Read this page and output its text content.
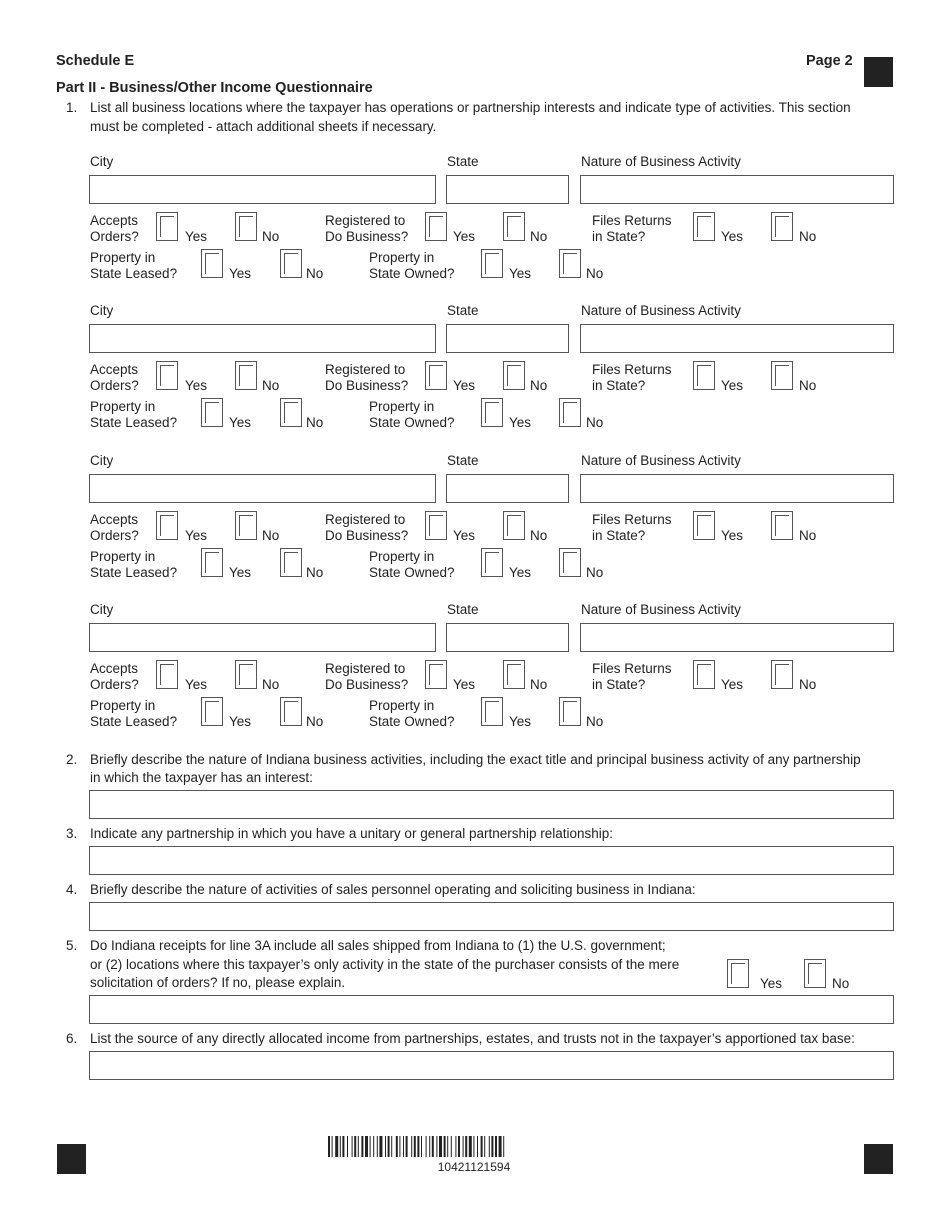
Schedule E	Page 2
Part II - Business/Other Income Questionnaire
1. List all business locations where the taxpayer has operations or partnership interests and indicate type of activities. This section
must be completed - attach additional sheets if necessary.
City	State	Nature of Business Activity
Accepts
Orders?	Yes	No
Registered to
Do Business?	Yes	No
Files Returns
in State?	Yes	No
Property in
State Leased?	Yes	No
Property in
State Owned?	Yes	No
City	State	Nature of Business Activity
Accepts
Orders?	Yes	No
Registered to
Do Business?	Yes	No
Files Returns
in State?	Yes	No
Property in
State Leased?	Yes	No
Property in
State Owned?	Yes	No
City	State	Nature of Business Activity
Accepts
Orders?	Yes	No
Registered to
Do Business?	Yes	No
Files Returns
in State?	Yes	No
Property in
State Leased?	Yes	No
Property in
State Owned?	Yes	No
City	State	Nature of Business Activity
Accepts
Orders?	Yes	No
Registered to
Do Business?	Yes	No
Files Returns
in State?	Yes	No
Property in
State Leased?	Yes	No
Property in
State Owned?	Yes	No
2. Briefly describe the nature of Indiana business activities, including the exact title and principal business activity of any partnership
in which the taxpayer has an interest:
3. Indicate any partnership in which you have a unitary or general partnership relationship:
4. Briefly describe the nature of activities of sales personnel operating and soliciting business in Indiana:
5. Do Indiana receipts for line 3A include all sales shipped from Indiana to (1) the U.S. government;
or (2) locations where this taxpayer’s only activity in the state of the purchaser consists of the mere
solicitation of orders? If no, please explain.	Yes	No
6. List the source of any directly allocated income from partnerships, estates, and trusts not in the taxpayer’s apportioned tax base:
10421121594
